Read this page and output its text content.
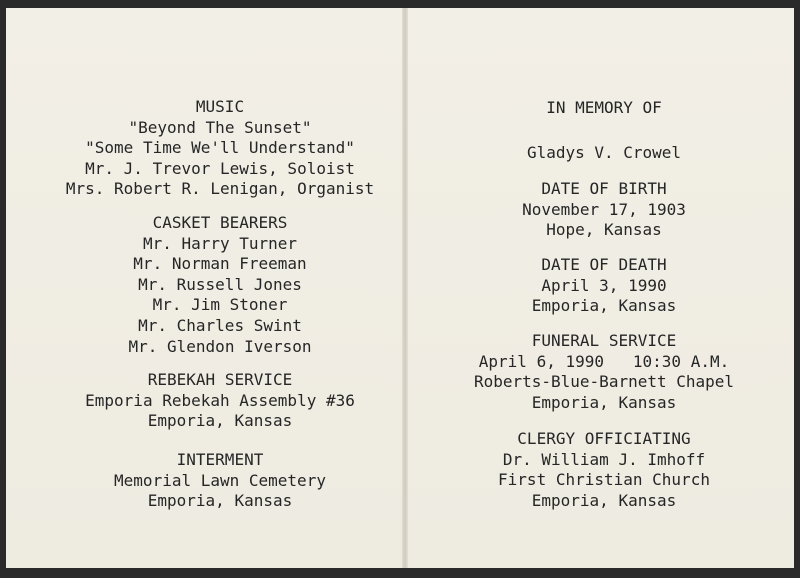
MUSIC
"Beyond The Sunset"
"Some Time We'll Understand"
Mr. J. Trevor Lewis, Soloist
Mrs. Robert R. Lenigan, Organist
CASKET BEARERS
Mr. Harry Turner
Mr. Norman Freeman
Mr. Russell Jones
Mr. Jim Stoner
Mr. Charles Swint
Mr. Glendon Iverson
REBEKAH SERVICE
Emporia Rebekah Assembly #36
Emporia, Kansas
INTERMENT
Memorial Lawn Cemetery
Emporia, Kansas
IN MEMORY OF
Gladys V. Crowel
DATE OF BIRTH
November 17, 1903
Hope, Kansas
DATE OF DEATH
April 3, 1990
Emporia, Kansas
FUNERAL SERVICE
April 6, 1990   10:30 A.M.
Roberts-Blue-Barnett Chapel
Emporia, Kansas
CLERGY OFFICIATING
Dr. William J. Imhoff
First Christian Church
Emporia, Kansas
